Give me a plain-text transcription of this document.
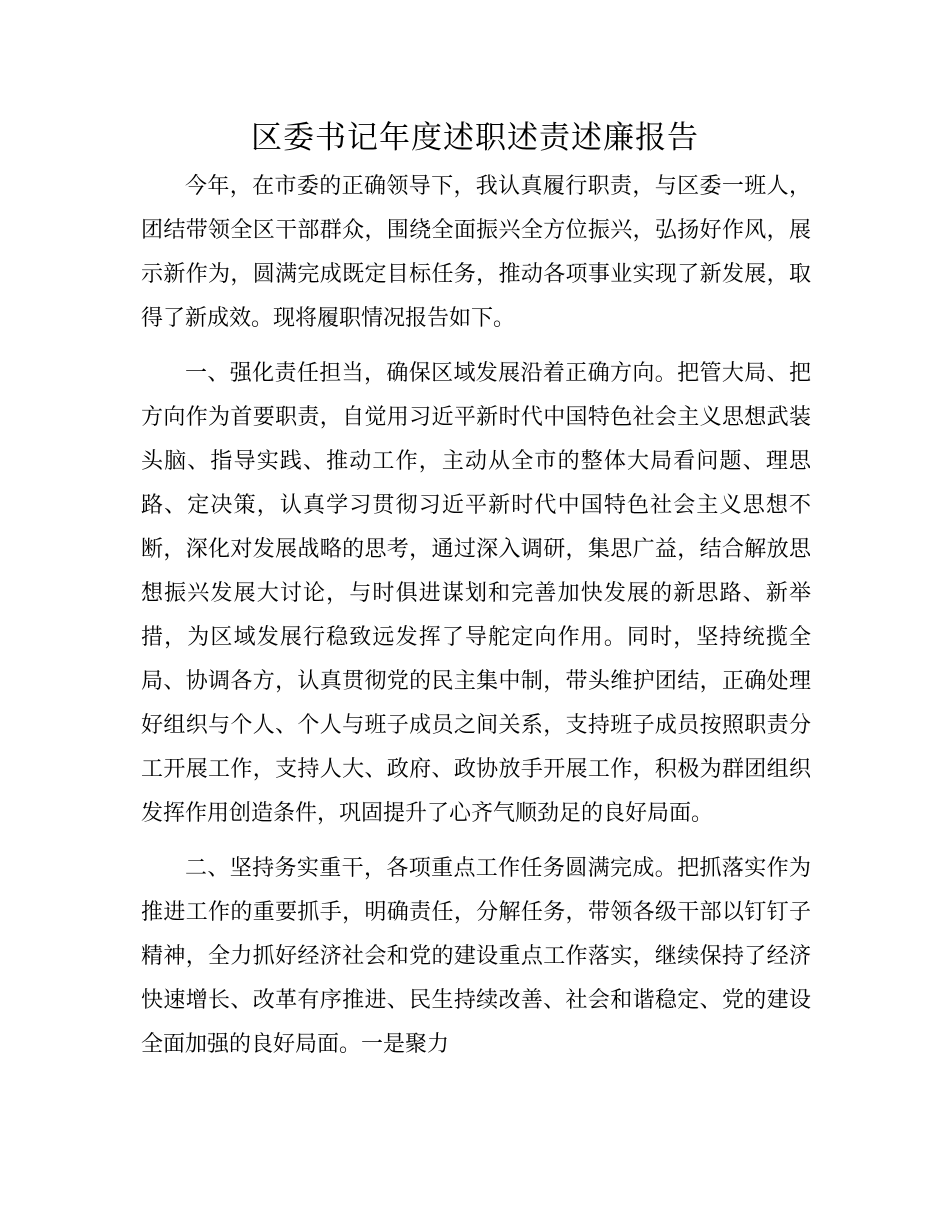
区委书记年度述职述责述廉报告

今年，在市委的正确领导下，我认真履行职责，与区委一班人，团结带领全区干部群众，围绕全面振兴全方位振兴，弘扬好作风，展示新作为，圆满完成既定目标任务，推动各项事业实现了新发展，取得了新成效。现将履职情况报告如下。

一、强化责任担当，确保区域发展沿着正确方向。把管大局、把方向作为首要职责，自觉用习近平新时代中国特色社会主义思想武装头脑、指导实践、推动工作，主动从全市的整体大局看问题、理思路、定决策，认真学习贯彻习近平新时代中国特色社会主义思想不断，深化对发展战略的思考，通过深入调研，集思广益，结合解放思想振兴发展大讨论，与时俱进谋划和完善加快发展的新思路、新举措，为区域发展行稳致远发挥了导舵定向作用。同时，坚持统揽全局、协调各方，认真贯彻党的民主集中制，带头维护团结，正确处理好组织与个人、个人与班子成员之间关系，支持班子成员按照职责分工开展工作，支持人大、政府、政协放手开展工作，积极为群团组织发挥作用创造条件，巩固提升了心齐气顺劲足的良好局面。

二、坚持务实重干，各项重点工作任务圆满完成。把抓落实作为推进工作的重要抓手，明确责任，分解任务，带领各级干部以钉钉子精神，全力抓好经济社会和党的建设重点工作落实，继续保持了经济快速增长、改革有序推进、民生持续改善、社会和谐稳定、党的建设全面加强的良好局面。一是聚力
